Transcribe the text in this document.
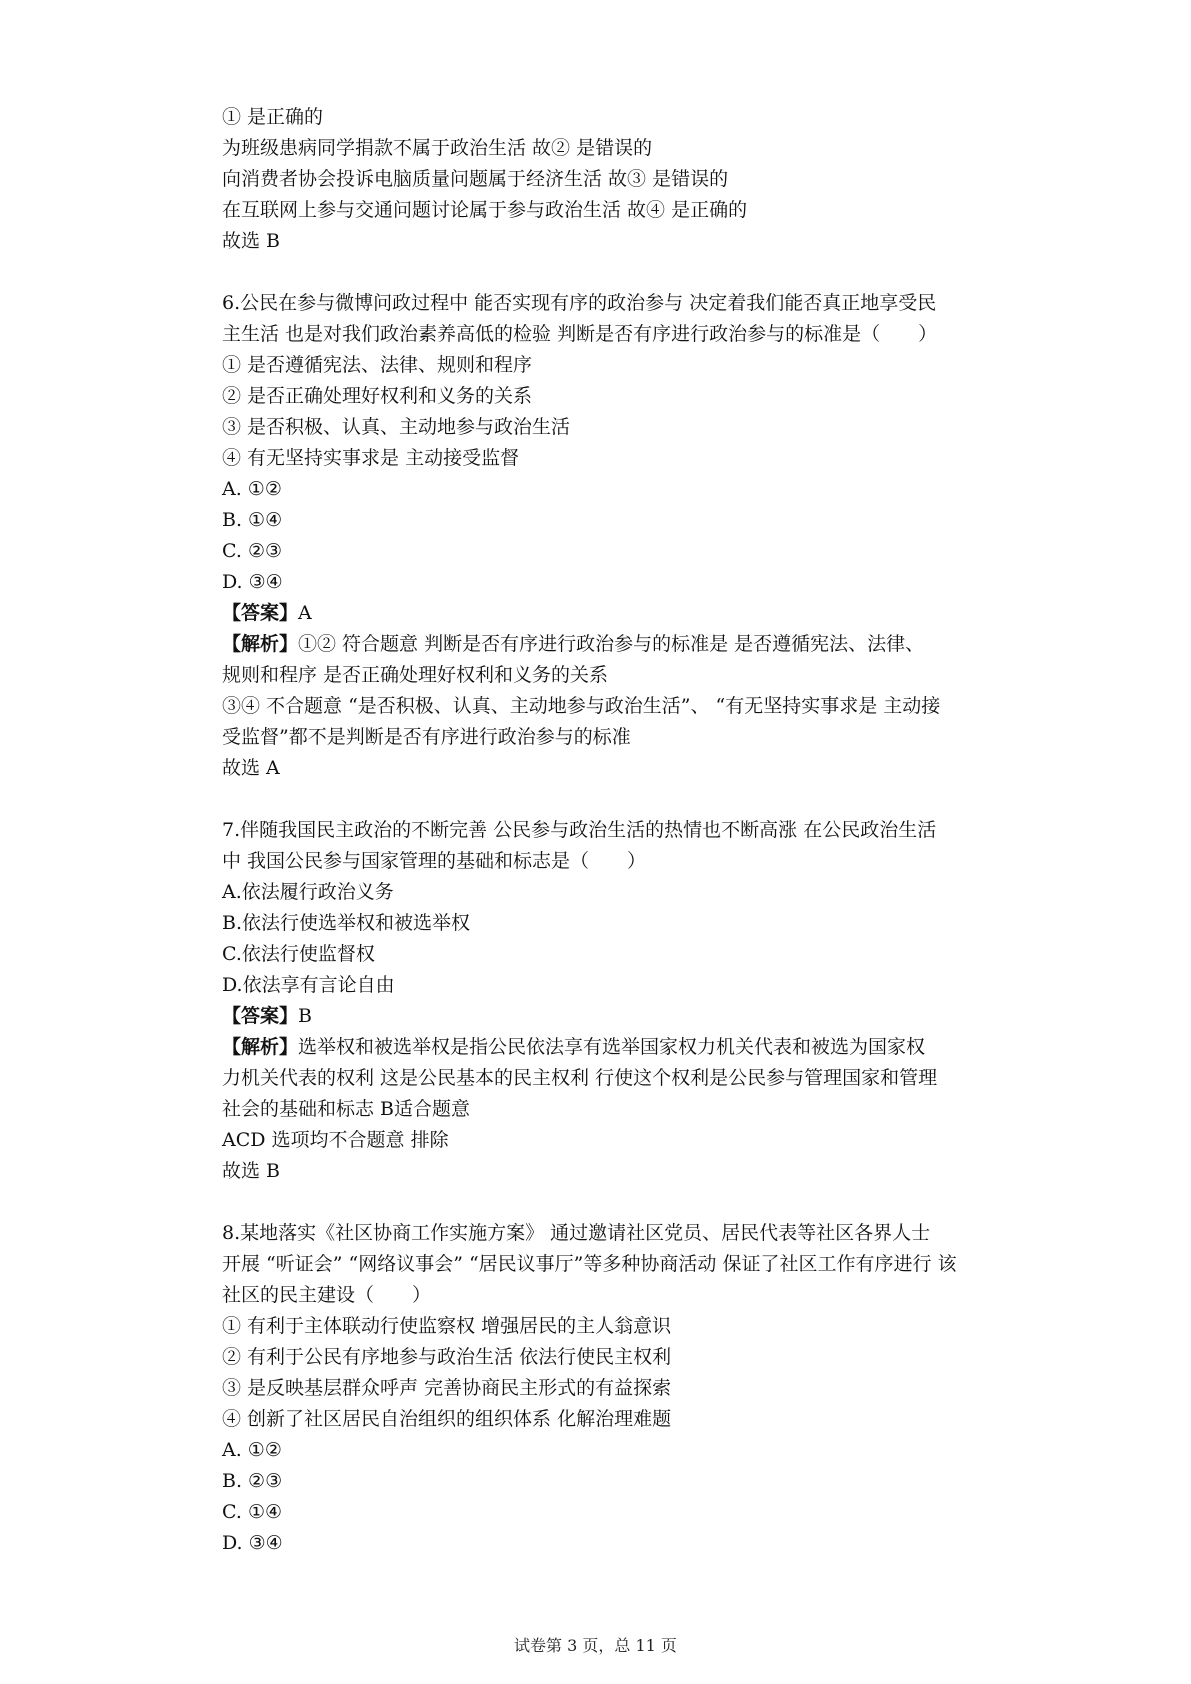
① 是正确的
为班级患病同学捐款不属于政治生活 故② 是错误的
向消费者协会投诉电脑质量问题属于经济生活 故③ 是错误的
在互联网上参与交通问题讨论属于参与政治生活 故④ 是正确的
故选 B
6.公民在参与微博问政过程中 能否实现有序的政治参与 决定着我们能否真正地享受民
主生活 也是对我们政治素养高低的检验 判断是否有序进行政治参与的标准是（　　）
① 是否遵循宪法、法律、规则和程序
② 是否正确处理好权利和义务的关系
③ 是否积极、认真、主动地参与政治生活
④ 有无坚持实事求是 主动接受监督
A. ①②
B. ①④
C. ②③
D. ③④
【答案】A
【解析】①② 符合题意 判断是否有序进行政治参与的标准是 是否遵循宪法、法律、
规则和程序 是否正确处理好权利和义务的关系
③④ 不合题意 “是否积极、认真、主动地参与政治生活”、 “有无坚持实事求是 主动接
受监督”都不是判断是否有序进行政治参与的标准
故选 A
7.伴随我国民主政治的不断完善 公民参与政治生活的热情也不断高涨 在公民政治生活
中 我国公民参与国家管理的基础和标志是（　　）
A.依法履行政治义务
B.依法行使选举权和被选举权
C.依法行使监督权
D.依法享有言论自由
【答案】B
【解析】选举权和被选举权是指公民依法享有选举国家权力机关代表和被选为国家权
力机关代表的权利 这是公民基本的民主权利 行使这个权利是公民参与管理国家和管理
社会的基础和标志 B适合题意
ACD 选项均不合题意 排除
故选 B
8.某地落实《社区协商工作实施方案》 通过邀请社区党员、居民代表等社区各界人士
开展 “听证会” “网络议事会” “居民议事厅”等多种协商活动 保证了社区工作有序进行 该
社区的民主建设（　　）
① 有利于主体联动行使监察权 增强居民的主人翁意识
② 有利于公民有序地参与政治生活 依法行使民主权利
③ 是反映基层群众呼声 完善协商民主形式的有益探索
④ 创新了社区居民自治组织的组织体系 化解治理难题
A. ①②
B. ②③
C. ①④
D. ③④
试卷第 3 页，总 11 页
